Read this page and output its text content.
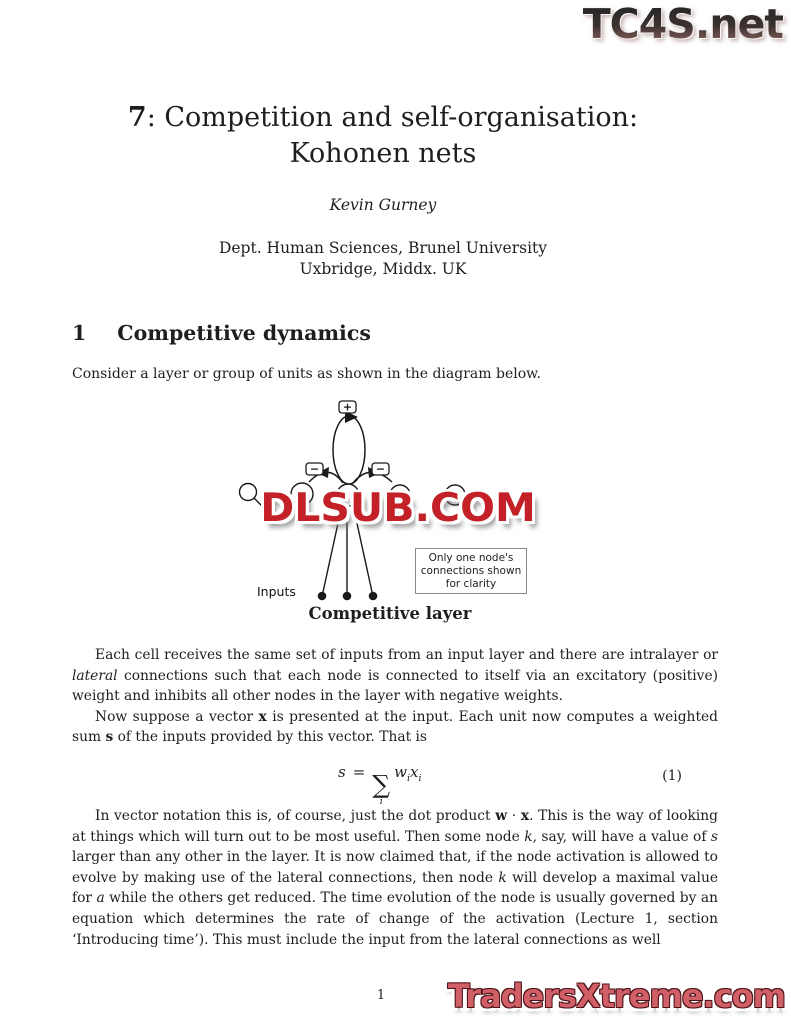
TC4S.net
7: Competition and self-organisation:
Kohonen nets
Kevin Gurney
Dept. Human Sciences, Brunel University
Uxbridge, Middx. UK
1 Competitive dynamics
Consider a layer or group of units as shown in the diagram below.
+
−	−
DLSUB.COM
Only one node's
connections shown
for clarity
Inputs
Competitive layer

Each cell receives the same set of inputs from an input layer and there are intralayer or lateral connections such that each node is connected to itself via an excitatory (positive) weight and inhibits all other nodes in the layer with negative weights.

Now suppose a vector x is presented at the input. Each unit now computes a weighted sum s of the inputs provided by this vector. That is

s = ∑
i
$w_ix_i$	(1)

In vector notation this is, of course, just the dot product w · x. This is the way of looking at things which will turn out to be most useful. Then some node k, say, will have a value of s larger than any other in the layer. It is now claimed that, if the node activation is allowed to evolve by making use of the lateral connections, then node k will develop a maximal value for a while the others get reduced. The time evolution of the node is usually governed by an equation which determines the rate of change of the activation (Lecture 1, section ‘Introducing time’). This must include the input from the lateral connections as well

1	TradersXtreme.com
